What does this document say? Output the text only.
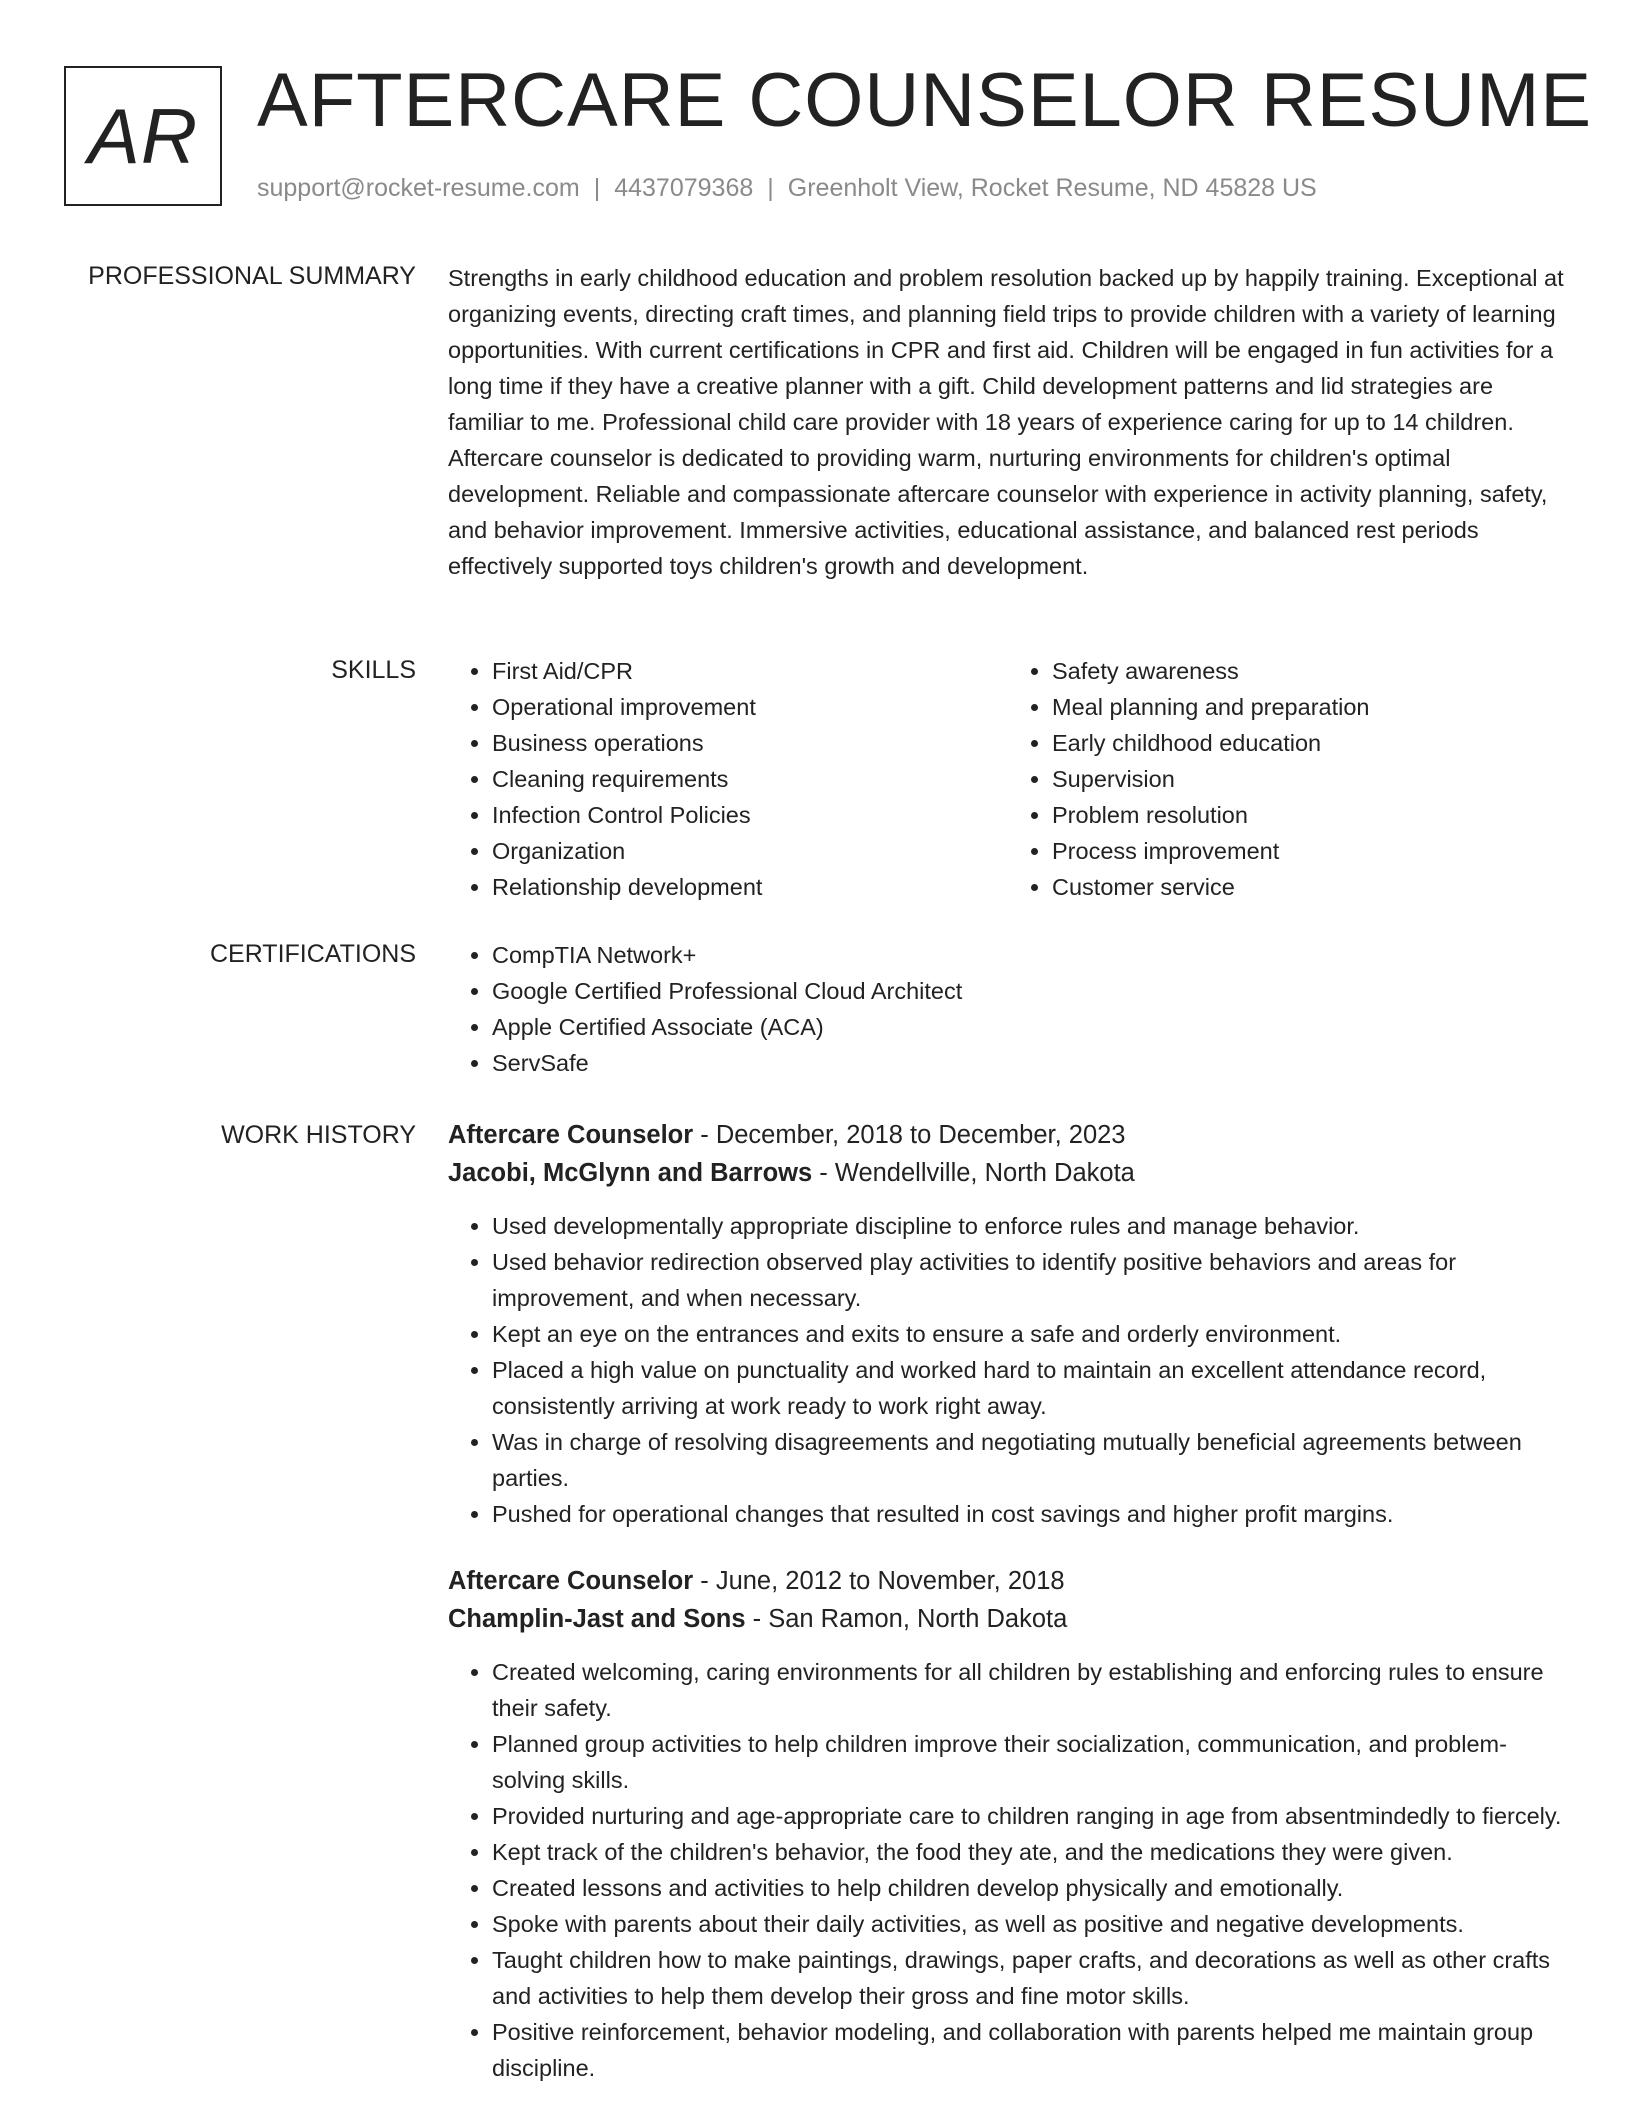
AR AFTERCARE COUNSELOR RESUME
support@rocket-resume.com | 4437079368 | Greenholt View, Rocket Resume, ND 45828 US
PROFESSIONAL SUMMARY Strengths in early childhood education and problem resolution backed up by happily training. Exceptional at organizing events, directing craft times, and planning field trips to provide children with a variety of learning opportunities. With current certifications in CPR and first aid. Children will be engaged in fun activities for a long time if they have a creative planner with a gift. Child development patterns and lid strategies are familiar to me. Professional child care provider with 18 years of experience caring for up to 14 children. Aftercare counselor is dedicated to providing warm, nurturing environments for children's optimal development. Reliable and compassionate aftercare counselor with experience in activity planning, safety, and behavior improvement. Immersive activities, educational assistance, and balanced rest periods effectively supported toys children's growth and development.

SKILLS	• First Aid/CPR
• Operational improvement
• Business operations
• Cleaning requirements
• Infection Control Policies
• Organization
• Relationship development
• Safety awareness
• Meal planning and preparation
• Early childhood education
• Supervision
• Problem resolution
• Process improvement
• Customer service
CERTIFICATIONS	• CompTIA Network+
• Google Certified Professional Cloud Architect
• Apple Certified Associate (ACA)
• ServSafe
WORK HISTORY Aftercare Counselor - December, 2018 to December, 2023
Jacobi, McGlynn and Barrows - Wendellville, North Dakota
• Used developmentally appropriate discipline to enforce rules and manage behavior.
• Used behavior redirection observed play activities to identify positive behaviors and areas for improvement, and when necessary.
• Kept an eye on the entrances and exits to ensure a safe and orderly environment.
• Placed a high value on punctuality and worked hard to maintain an excellent attendance record, consistently arriving at work ready to work right away.
• Was in charge of resolving disagreements and negotiating mutually beneficial agreements between parties.
• Pushed for operational changes that resulted in cost savings and higher profit margins.
Aftercare Counselor - June, 2012 to November, 2018
Champlin-Jast and Sons - San Ramon, North Dakota
• Created welcoming, caring environments for all children by establishing and enforcing rules to ensure their safety.
• Planned group activities to help children improve their socialization, communication, and problem-solving skills.
• Provided nurturing and age-appropriate care to children ranging in age from absentmindedly to fiercely.
• Kept track of the children's behavior, the food they ate, and the medications they were given.
• Created lessons and activities to help children develop physically and emotionally.
• Spoke with parents about their daily activities, as well as positive and negative developments.
• Taught children how to make paintings, drawings, paper crafts, and decorations as well as other crafts and activities to help them develop their gross and fine motor skills.
• Positive reinforcement, behavior modeling, and collaboration with parents helped me maintain group discipline.
